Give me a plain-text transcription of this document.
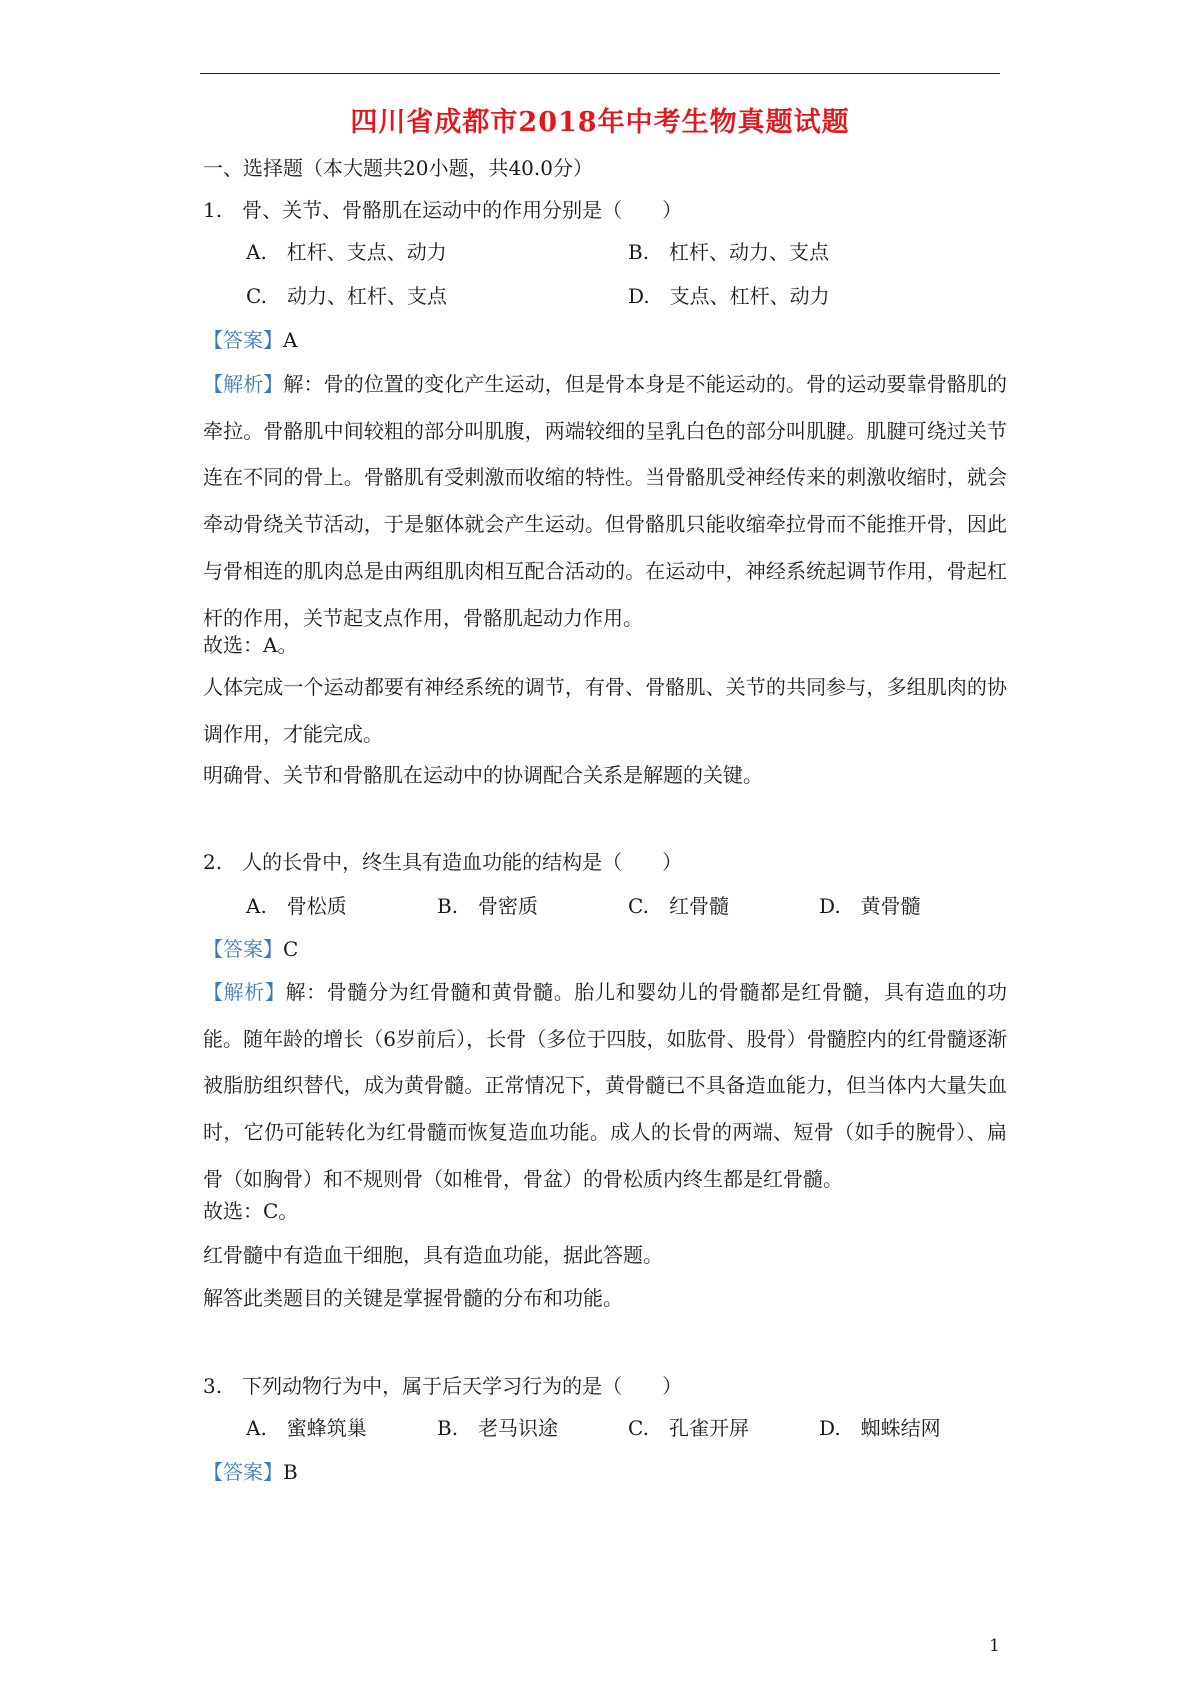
四川省成都市2018年中考生物真题试题
一、选择题（本大题共20小题，共40.0分）
1.　骨、关节、骨骼肌在运动中的作用分别是（　　）
A.　杠杆、支点、动力	B.　杠杆、动力、支点
C.　动力、杠杆、支点	D.　支点、杠杆、动力
【答案】A
【解析】解：骨的位置的变化产生运动，但是骨本身是不能运动的。骨的运动要靠骨骼肌的牵拉。骨骼肌中间较粗的部分叫肌腹，两端较细的呈乳白色的部分叫肌腱。肌腱可绕过关节连在不同的骨上。骨骼肌有受刺激而收缩的特性。当骨骼肌受神经传来的刺激收缩时，就会牵动骨绕关节活动，于是躯体就会产生运动。但骨骼肌只能收缩牵拉骨而不能推开骨，因此与骨相连的肌肉总是由两组肌肉相互配合活动的。在运动中，神经系统起调节作用，骨起杠杆的作用，关节起支点作用，骨骼肌起动力作用。
故选：A。
人体完成一个运动都要有神经系统的调节，有骨、骨骼肌、关节的共同参与，多组肌肉的协调作用，才能完成。
明确骨、关节和骨骼肌在运动中的协调配合关系是解题的关键。
2.　人的长骨中，终生具有造血功能的结构是（　　）
A.　骨松质	B.　骨密质	C.　红骨髓	D.　黄骨髓
【答案】C
【解析】解：骨髓分为红骨髓和黄骨髓。胎儿和婴幼儿的骨髓都是红骨髓，具有造血的功能。随年龄的增长（6岁前后），长骨（多位于四肢，如肱骨、股骨）骨髓腔内的红骨髓逐渐被脂肪组织替代，成为黄骨髓。正常情况下，黄骨髓已不具备造血能力，但当体内大量失血时，它仍可能转化为红骨髓而恢复造血功能。成人的长骨的两端、短骨（如手的腕骨）、扁骨（如胸骨）和不规则骨（如椎骨，骨盆）的骨松质内终生都是红骨髓。
故选：C。
红骨髓中有造血干细胞，具有造血功能，据此答题。
解答此类题目的关键是掌握骨髓的分布和功能。
3.　下列动物行为中，属于后天学习行为的是（　　）
A.　蜜蜂筑巢	B.　老马识途	C.　孔雀开屏	D.　蜘蛛结网
【答案】B
1
